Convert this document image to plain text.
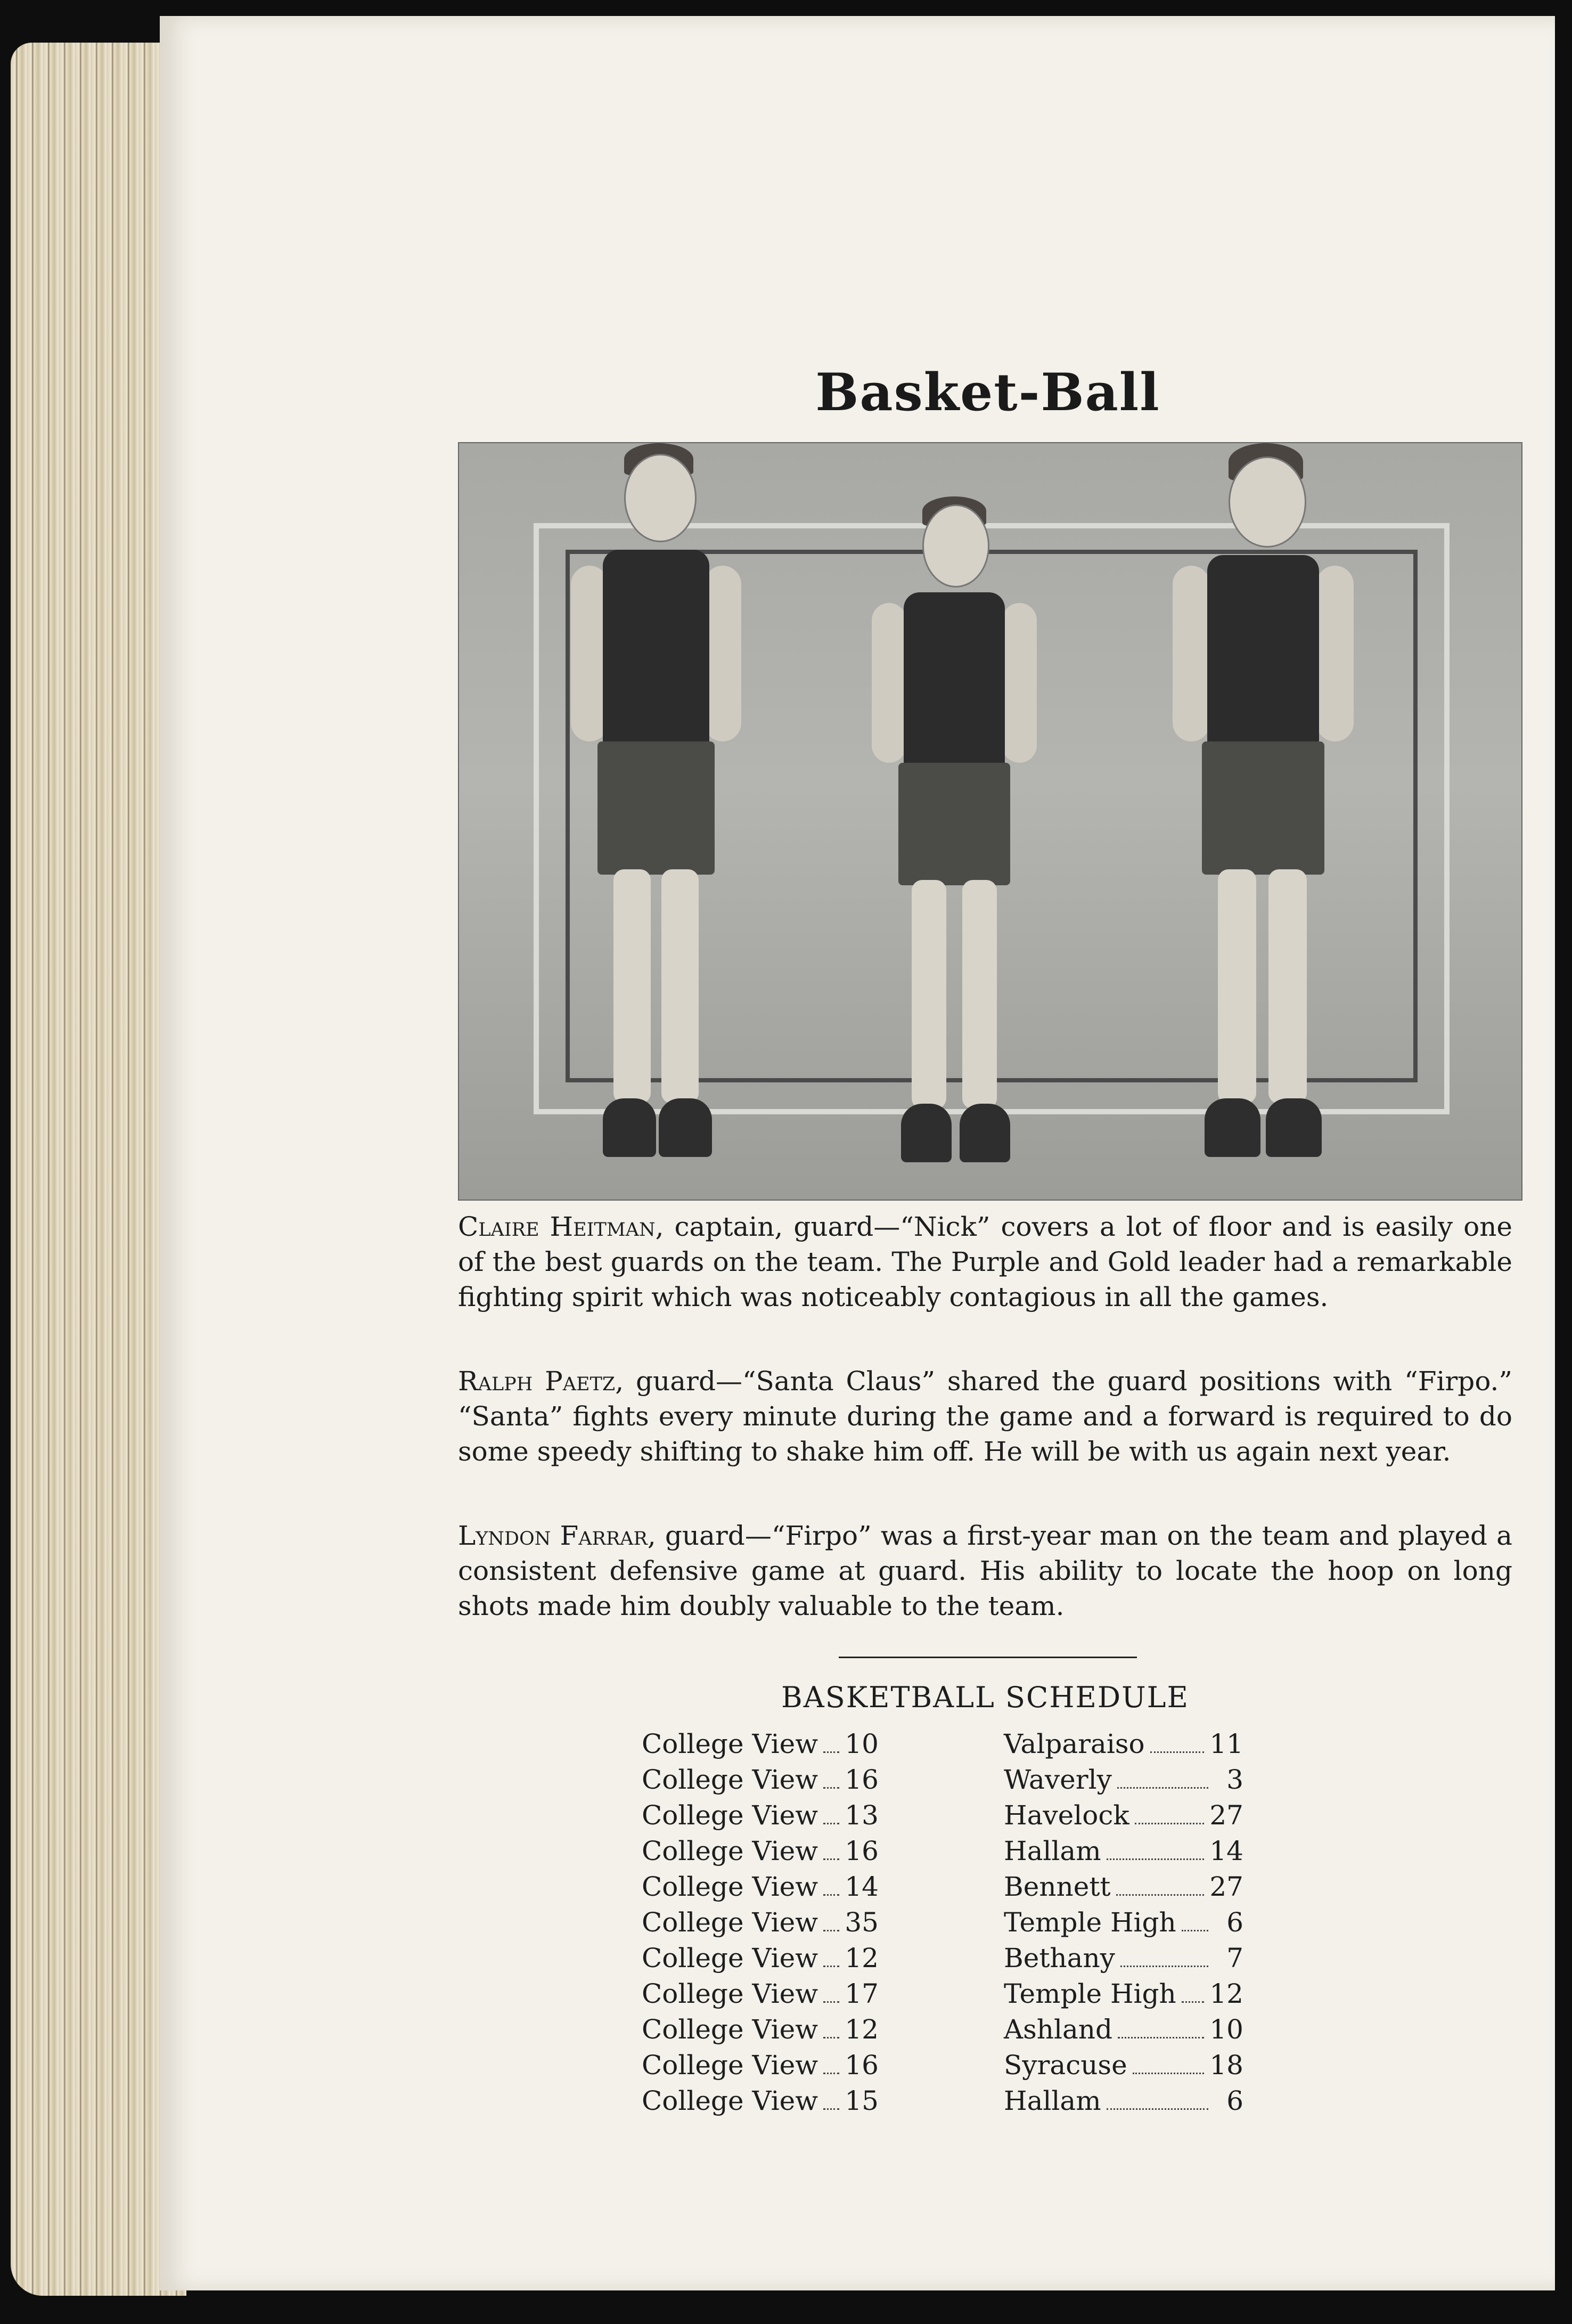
Basket-Ball

Claire Heitman, captain, guard—“Nick” covers a lot of floor and is easily one of the best guards on the team. The Purple and Gold leader had a remarkable fighting spirit which was noticeably contagious in all the games.

Ralph Paetz, guard—“Santa Claus” shared the guard positions with “Firpo.” “Santa” fights every minute during the game and a forward is required to do some speedy shifting to shake him off. He will be with us again next year.

Lyndon Farrar, guard—“Firpo” was a first-year man on the team and played a consistent defensive game at guard. His ability to locate the hoop on long shots made him doubly valuable to the team.

BASKETBALL SCHEDULE
College View 10
College View 16
College View 13
College View 16
College View 14
College View 35
College View 12
College View 17
College View 12
College View 16
College View 15
Valparaiso 11
Waverly	3
Havelock	27
Hallam	14
Bennett	27
Temple High	6
Bethany	7
Temple High 12
Ashland	10
Syracuse	18
Hallam	6
